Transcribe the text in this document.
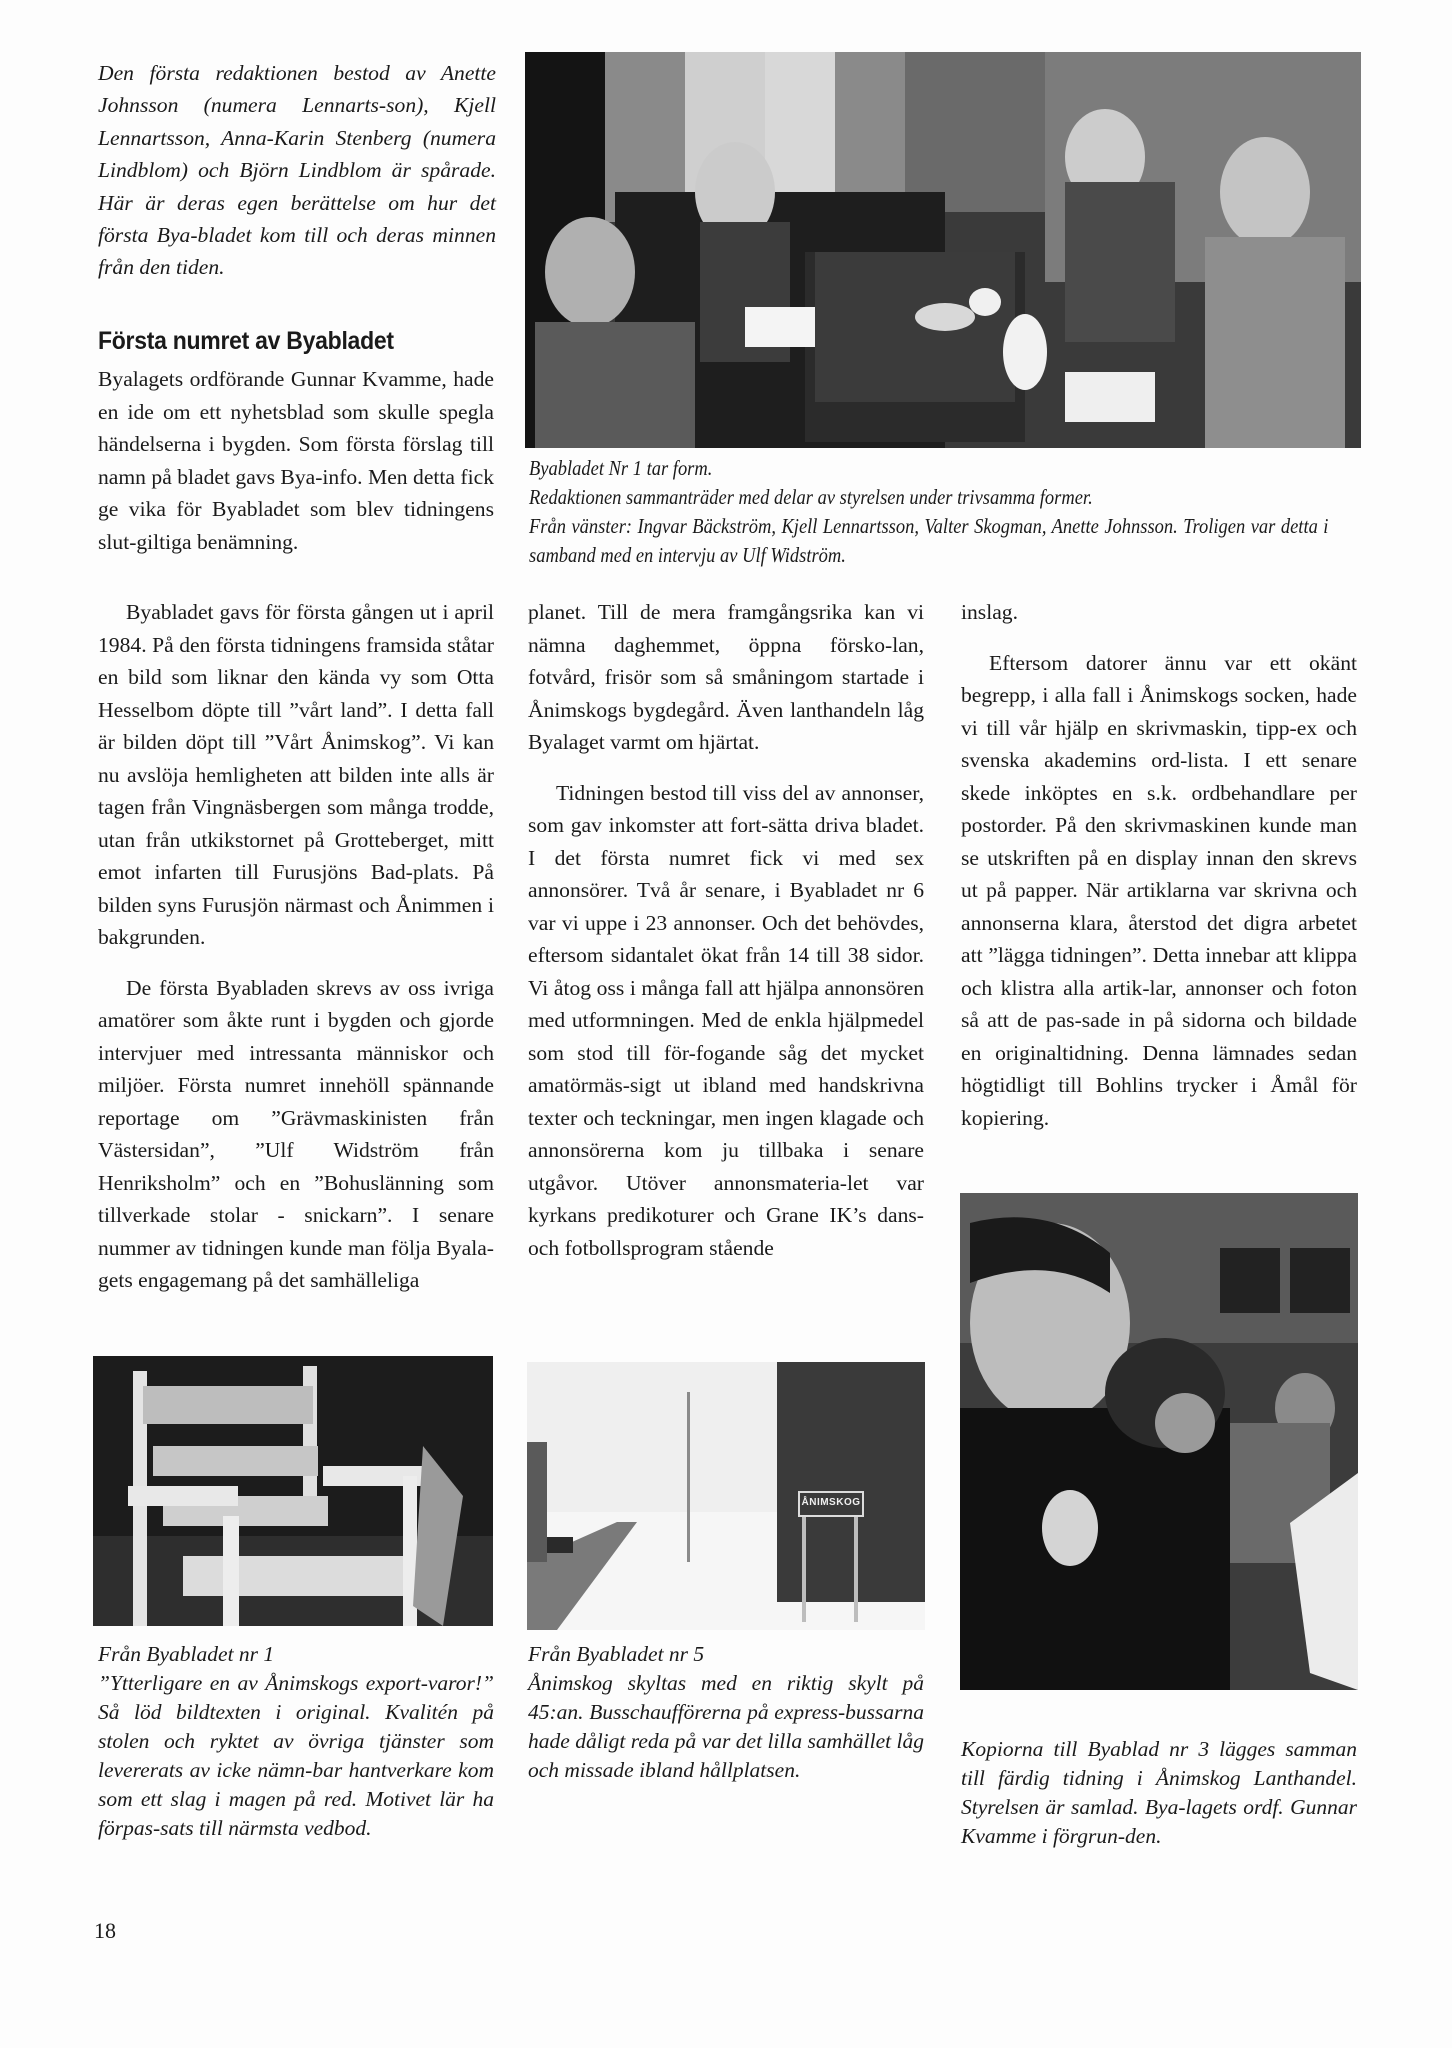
Den första redaktionen bestod av Anette Johnsson (numera Lennarts-son), Kjell Lennartsson, Anna-Karin Stenberg (numera Lindblom) och Björn Lindblom är spårade. Här är deras egen berättelse om hur det första Bya-bladet kom till och deras minnen från den tiden.

Första numret av Byabladet

Byalagets ordförande Gunnar Kvamme, hade en ide om ett nyhetsblad som skulle spegla händelserna i bygden. Som första förslag till namn på bladet gavs Bya-info. Men detta fick ge vika för Byabladet som blev tidningens slut-giltiga benämning.

Byabladet Nr 1 tar form.

Redaktionen sammanträder med delar av styrelsen under trivsamma former.

Från vänster: Ingvar Bäckström, Kjell Lennartsson, Valter Skogman, Anette Johnsson. Troligen var detta i samband med en intervju av Ulf Widström.

Byabladet gavs för första gången ut i april 1984. På den första tidningens framsida ståtar en bild som liknar den kända vy som Otta Hesselbom döpte till ”vårt land”. I detta fall är bilden döpt till ”Vårt Ånimskog”. Vi kan nu avslöja hemligheten att bilden inte alls är tagen från Vingnäsbergen som många trodde, utan från utkikstornet på Grotteberget, mitt emot infarten till Furusjöns Bad-plats. På bilden syns Furusjön närmast och Ånimmen i bakgrunden.

De första Byabladen skrevs av oss ivriga amatörer som åkte runt i bygden och gjorde intervjuer med intressanta människor och miljöer. Första numret innehöll spännande reportage om ”Grävmaskinisten från Västersidan”, ”Ulf Widström från Henriksholm” och en ”Bohuslänning som tillverkade stolar - snickarn”. I senare nummer av tidningen kunde man följa Byala-gets engagemang på det samhälleliga

planet. Till de mera framgångsrika kan vi nämna daghemmet, öppna försko-lan, fotvård, frisör som så småningom startade i Ånimskogs bygdegård. Även lanthandeln låg Byalaget varmt om hjärtat.

Tidningen bestod till viss del av annonser, som gav inkomster att fort-sätta driva bladet. I det första numret fick vi med sex annonsörer. Två år senare, i Byabladet nr 6 var vi uppe i 23 annonser. Och det behövdes, eftersom sidantalet ökat från 14 till 38 sidor. Vi åtog oss i många fall att hjälpa annonsören med utformningen. Med de enkla hjälpmedel som stod till för-fogande såg det mycket amatörmäs-sigt ut ibland med handskrivna texter och teckningar, men ingen klagade och annonsörerna kom ju tillbaka i senare utgåvor. Utöver annonsmateria-let var kyrkans predikoturer och Grane IK’s dans- och fotbollsprogram stående

inslag.

Eftersom datorer ännu var ett okänt begrepp, i alla fall i Ånimskogs socken, hade vi till vår hjälp en skrivmaskin, tipp-ex och svenska akademins ord-lista. I ett senare skede inköptes en s.k. ordbehandlare per postorder. På den skrivmaskinen kunde man se utskriften på en display innan den skrevs ut på papper. När artiklarna var skrivna och annonserna klara, återstod det digra arbetet att ”lägga tidningen”. Detta innebar att klippa och klistra alla artik-lar, annonser och foton så att de pas-sade in på sidorna och bildade en originaltidning. Denna lämnades sedan högtidligt till Bohlins trycker i Åmål för kopiering.

Från Byabladet nr 1

”Ytterligare en av Ånimskogs export-varor!” Så löd bildtexten i original. Kvalitén på stolen och ryktet av övriga tjänster som levererats av icke nämn-bar hantverkare kom som ett slag i magen på red. Motivet lär ha förpas-sats till närmsta vedbod.

ÅNIMSKOG

Från Byabladet nr 5

Ånimskog skyltas med en riktig skylt på 45:an. Busschaufförerna på express-bussarna hade dåligt reda på var det lilla samhället låg och missade ibland hållplatsen.

Kopiorna till Byablad nr 3 lägges samman till färdig tidning i Ånimskog Lanthandel. Styrelsen är samlad. Bya-lagets ordf. Gunnar Kvamme i förgrun-den.

18
